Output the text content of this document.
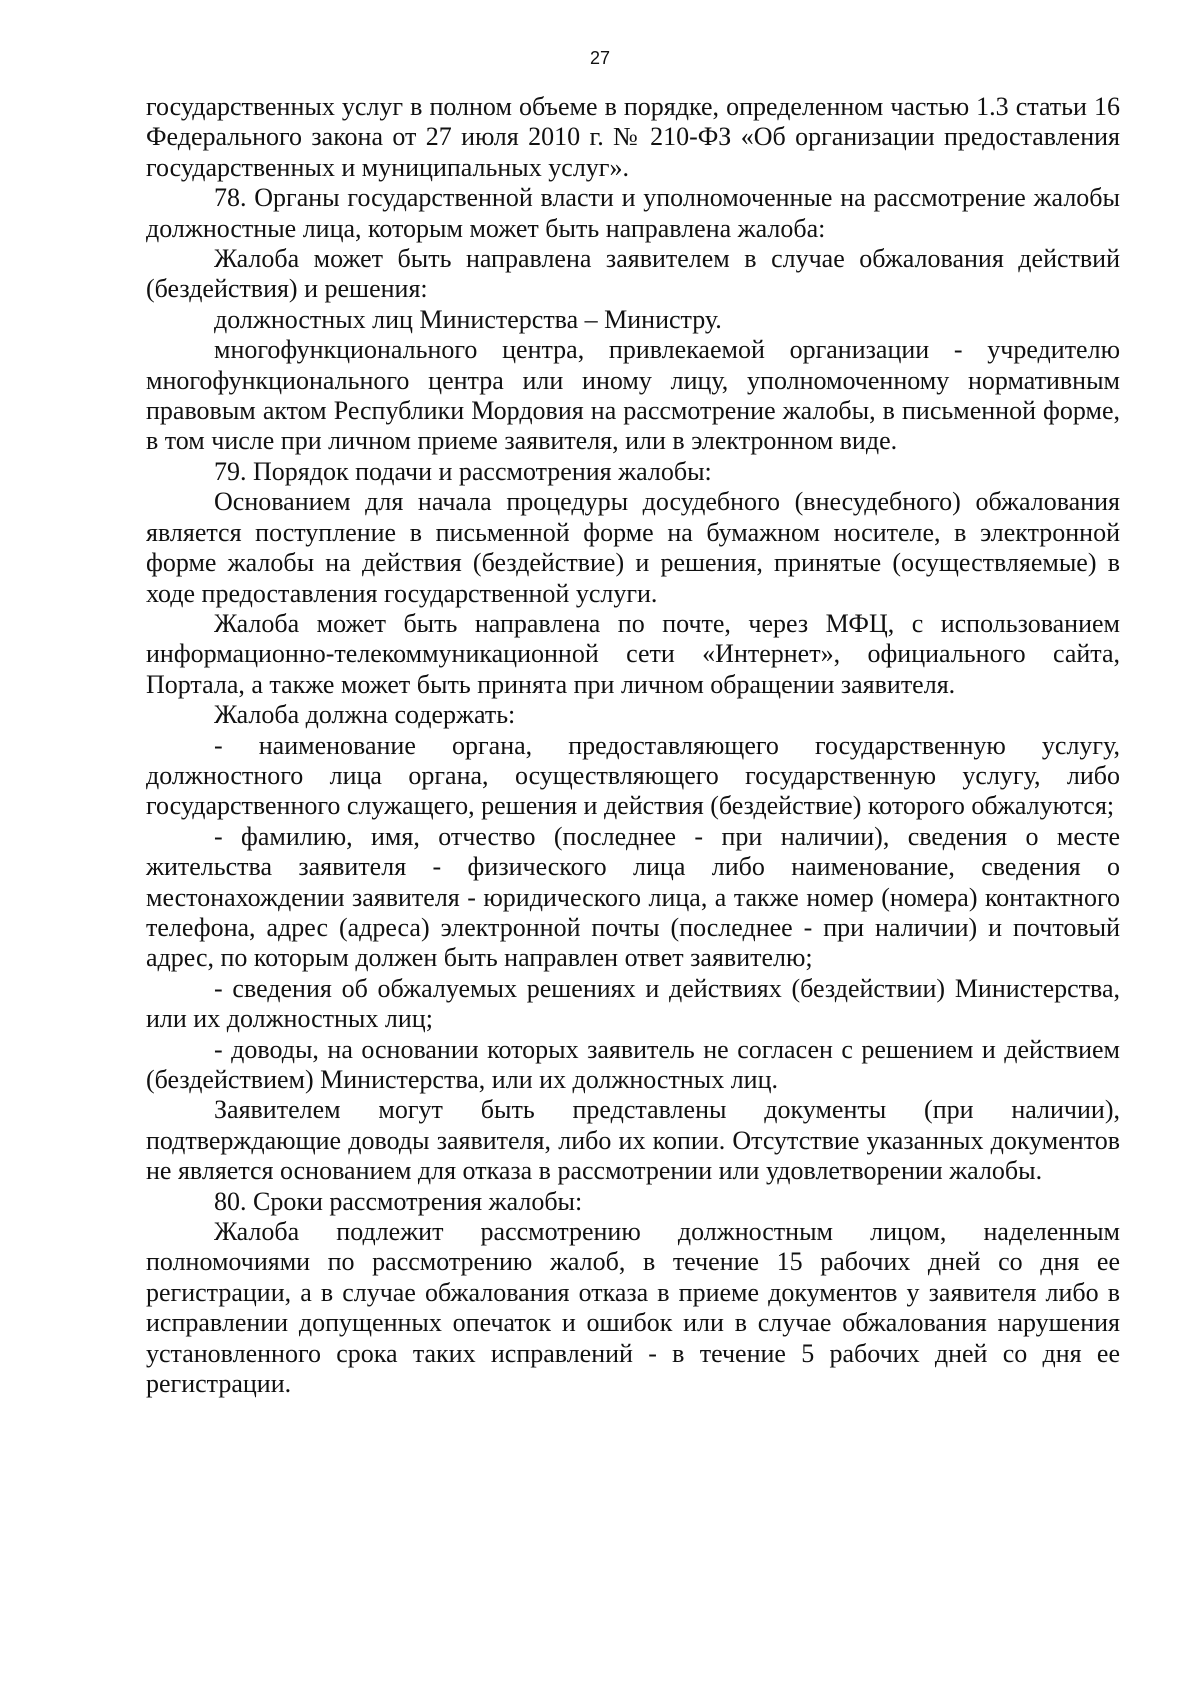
27

государственных услуг в полном объеме в порядке, определенном частью 1.3 статьи 16 Федерального закона от 27 июля 2010 г. № 210-ФЗ «Об организации предоставления государственных и муниципальных услуг».

78. Органы государственной власти и уполномоченные на рассмотрение жалобы должностные лица, которым может быть направлена жалоба:

Жалоба может быть направлена заявителем в случае обжалования действий (бездействия) и решения:

должностных лиц Министерства – Министру.

многофункционального центра, привлекаемой организации - учредителю многофункционального центра или иному лицу, уполномоченному нормативным правовым актом Республики Мордовия на рассмотрение жалобы, в письменной форме, в том числе при личном приеме заявителя, или в электронном виде.

79. Порядок подачи и рассмотрения жалобы:

Основанием для начала процедуры досудебного (внесудебного) обжалования является поступление в письменной форме на бумажном носителе, в электронной форме жалобы на действия (бездействие) и решения, принятые (осуществляемые) в ходе предоставления государственной услуги.

Жалоба может быть направлена по почте, через МФЦ, с использованием информационно-телекоммуникационной сети «Интернет», официального сайта, Портала, а также может быть принята при личном обращении заявителя.

Жалоба должна содержать:

- наименование органа, предоставляющего государственную услугу, должностного лица органа, осуществляющего государственную услугу, либо государственного служащего, решения и действия (бездействие) которого обжалуются;

- фамилию, имя, отчество (последнее - при наличии), сведения о месте жительства заявителя - физического лица либо наименование, сведения о местонахождении заявителя - юридического лица, а также номер (номера) контактного телефона, адрес (адреса) электронной почты (последнее - при наличии) и почтовый адрес, по которым должен быть направлен ответ заявителю;

- сведения об обжалуемых решениях и действиях (бездействии) Министерства, или их должностных лиц;

- доводы, на основании которых заявитель не согласен с решением и действием (бездействием) Министерства, или их должностных лиц.

Заявителем могут быть представлены документы (при наличии), подтверждающие доводы заявителя, либо их копии. Отсутствие указанных документов не является основанием для отказа в рассмотрении или удовлетворении жалобы.

80. Сроки рассмотрения жалобы:

Жалоба подлежит рассмотрению должностным лицом, наделенным полномочиями по рассмотрению жалоб, в течение 15 рабочих дней со дня ее регистрации, а в случае обжалования отказа в приеме документов у заявителя либо в исправлении допущенных опечаток и ошибок или в случае обжалования нарушения установленного срока таких исправлений - в течение 5 рабочих дней со дня ее регистрации.
